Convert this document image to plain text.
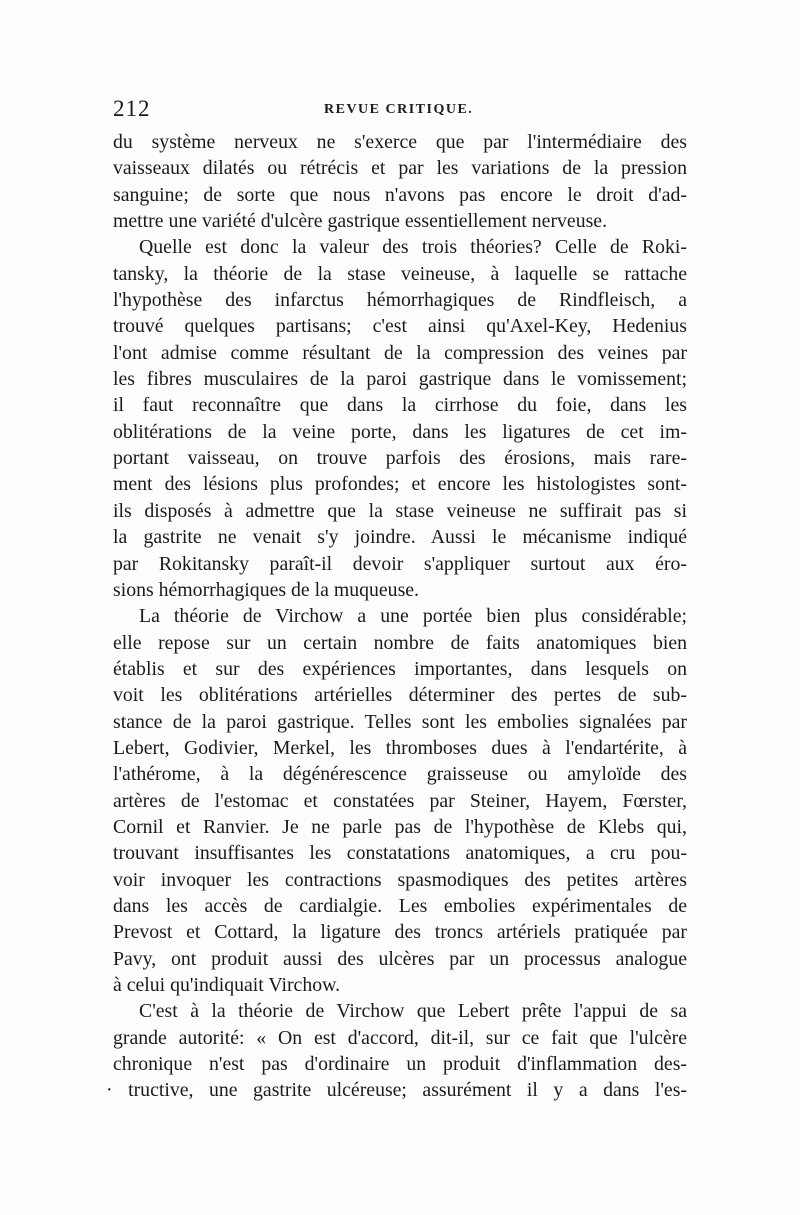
212	REVUE CRITIQUE.
du système nerveux ne s'exerce que par l'intermédiaire des
vaisseaux dilatés ou rétrécis et par les variations de la pression
sanguine; de sorte que nous n'avons pas encore le droit d'ad-
mettre une variété d'ulcère gastrique essentiellement nerveuse.
Quelle est donc la valeur des trois théories? Celle de Roki-
tansky, la théorie de la stase veineuse, à laquelle se rattache
l'hypothèse des infarctus hémorrhagiques de Rindfleisch, a
trouvé quelques partisans; c'est ainsi qu'Axel-Key, Hedenius
l'ont admise comme résultant de la compression des veines par
les fibres musculaires de la paroi gastrique dans le vomissement;
il faut reconnaître que dans la cirrhose du foie, dans les
oblitérations de la veine porte, dans les ligatures de cet im-
portant vaisseau, on trouve parfois des érosions, mais rare-
ment des lésions plus profondes; et encore les histologistes sont-
ils disposés à admettre que la stase veineuse ne suffirait pas si
la gastrite ne venait s'y joindre. Aussi le mécanisme indiqué
par Rokitansky paraît-il devoir s'appliquer surtout aux éro-
sions hémorrhagiques de la muqueuse.
La théorie de Virchow a une portée bien plus considérable;
elle repose sur un certain nombre de faits anatomiques bien
établis et sur des expériences importantes, dans lesquels on
voit les oblitérations artérielles déterminer des pertes de sub-
stance de la paroi gastrique. Telles sont les embolies signalées par
Lebert, Godivier, Merkel, les thromboses dues à l'endartérite, à
l'athérome, à la dégénérescence graisseuse ou amyloïde des
artères de l'estomac et constatées par Steiner, Hayem, Fœrster,
Cornil et Ranvier. Je ne parle pas de l'hypothèse de Klebs qui,
trouvant insuffisantes les constatations anatomiques, a cru pou-
voir invoquer les contractions spasmodiques des petites artères
dans les accès de cardialgie. Les embolies expérimentales de
Prevost et Cottard, la ligature des troncs artériels pratiquée par
Pavy, ont produit aussi des ulcères par un processus analogue
à celui qu'indiquait Virchow.
C'est à la théorie de Virchow que Lebert prête l'appui de sa
grande autorité: « On est d'accord, dit-il, sur ce fait que l'ulcère
chronique n'est pas d'ordinaire un produit d'inflammation des-
· tructive, une gastrite ulcéreuse; assurément il y a dans l'es-
